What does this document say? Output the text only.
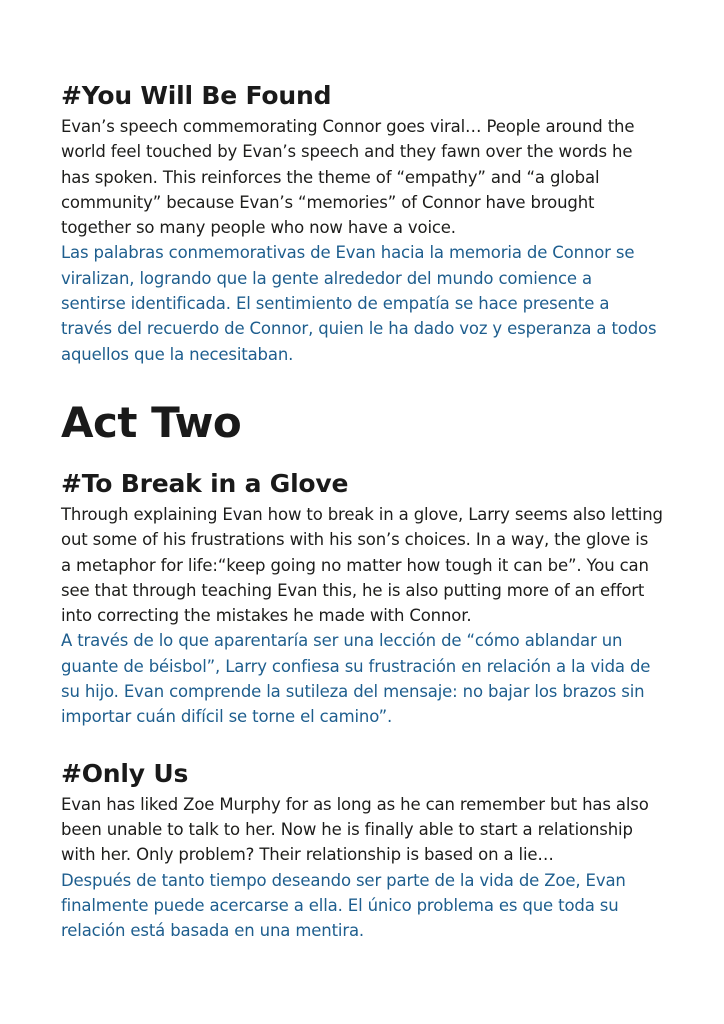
#You Will Be Found

Evan’s speech commemorating Connor goes viral… People around the
world feel touched by Evan’s speech and they fawn over the words he
has spoken. This reinforces the theme of “empathy” and “a global
community” because Evan’s “memories” of Connor have brought
together so many people who now have a voice.

Las palabras conmemorativas de Evan hacia la memoria de Connor se
viralizan, logrando que la gente alrededor del mundo comience a
sentirse identificada. El sentimiento de empatía se hace presente a
través del recuerdo de Connor, quien le ha dado voz y esperanza a todos
aquellos que la necesitaban.

Act Two
#To Break in a Glove

Through explaining Evan how to break in a glove, Larry seems also letting
out some of his frustrations with his son’s choices. In a way, the glove is
a metaphor for life:“keep going no matter how tough it can be”. You can
see that through teaching Evan this, he is also putting more of an effort
into correcting the mistakes he made with Connor.

A través de lo que aparentaría ser una lección de “cómo ablandar un
guante de béisbol”, Larry confiesa su frustración en relación a la vida de
su hijo. Evan comprende la sutileza del mensaje: no bajar los brazos sin
importar cuán difícil se torne el camino”.

#Only Us

Evan has liked Zoe Murphy for as long as he can remember but has also
been unable to talk to her. Now he is finally able to start a relationship
with her. Only problem? Their relationship is based on a lie…

Después de tanto tiempo deseando ser parte de la vida de Zoe, Evan
finalmente puede acercarse a ella. El único problema es que toda su
relación está basada en una mentira.
